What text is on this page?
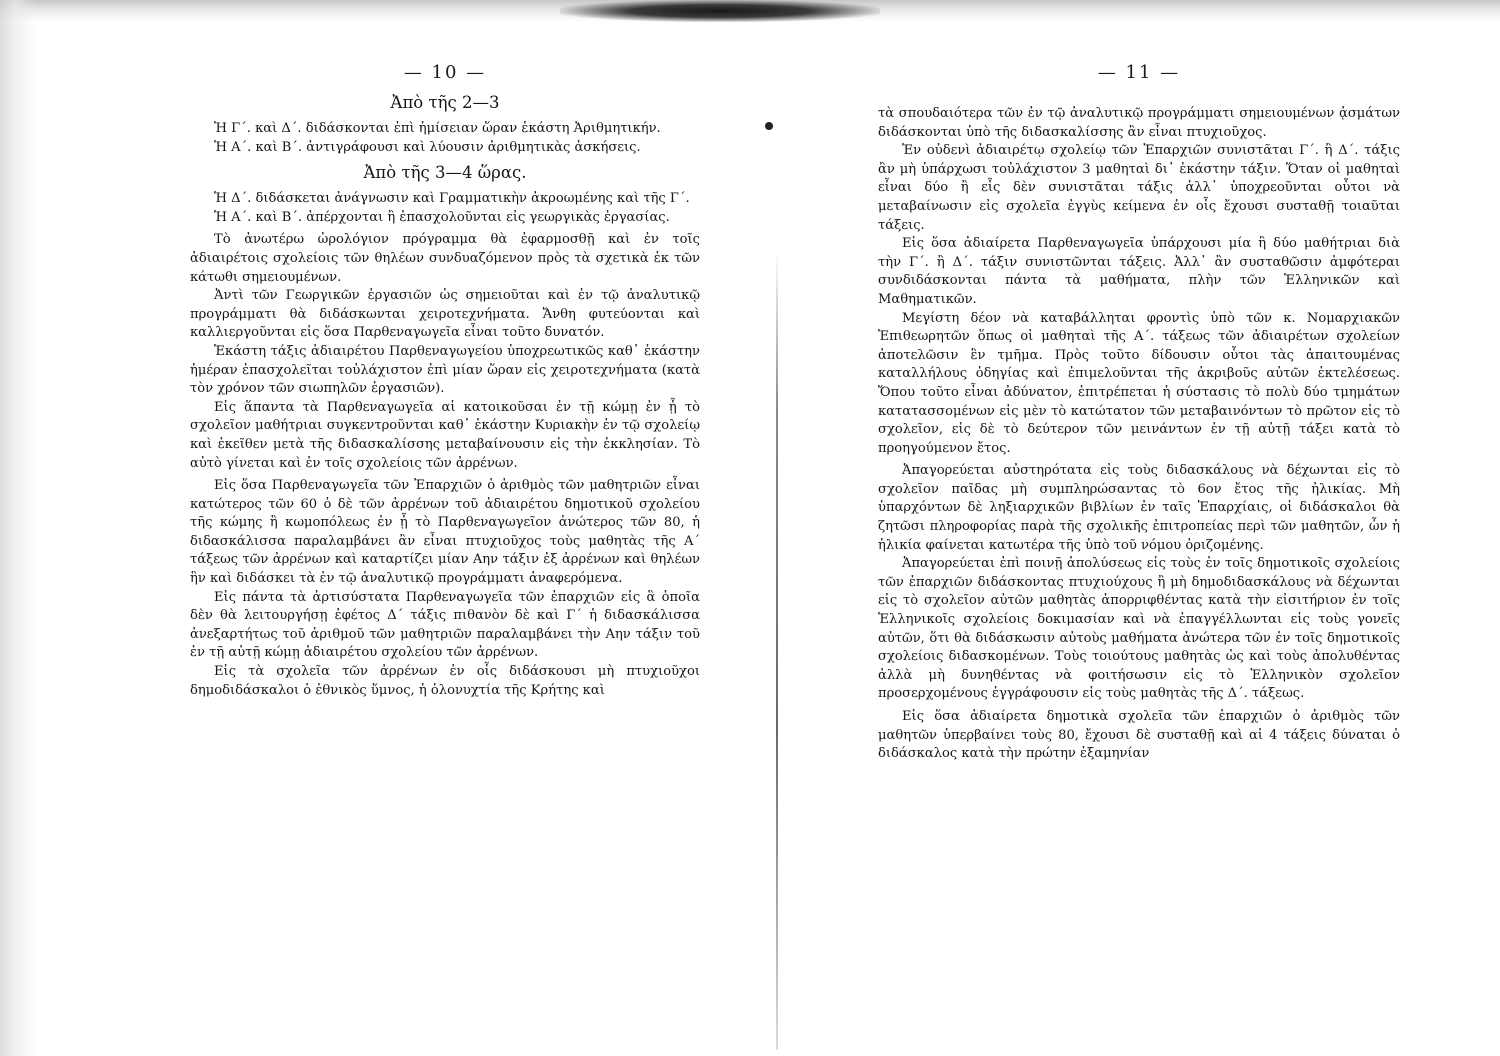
— 10 —
Ἀπὸ τῆς 2—3

Ἡ Γ΄. καὶ Δ΄. διδάσκονται ἐπὶ ἡμίσειαν ὥραν ἑκάστη Ἀριθμητικήν.

Ἡ Α΄. καὶ Β΄. ἀντιγράφουσι καὶ λύουσιν ἀριθμητικὰς ἀσκήσεις.

Ἀπὸ τῆς 3—4 ὥρας.

Ἡ Δ΄. διδάσκεται ἀνάγνωσιν καὶ Γραμματικὴν ἀκροωμένης καὶ τῆς Γ΄.

Ἡ Α΄. καὶ Β΄. ἀπέρχονται ἢ ἐπασχολοῦνται εἰς γεωργικὰς ἐργασίας.

Τὸ ἀνωτέρω ὡρολόγιον πρόγραμμα θὰ ἐφαρμοσθῇ καὶ ἐν τοῖς ἀδιαιρέτοις σχολείοις τῶν θηλέων συνδυαζόμενον πρὸς τὰ σχετικὰ ἐκ τῶν κάτωθι σημειουμένων.

Ἀντὶ τῶν Γεωργικῶν ἐργασιῶν ὡς σημειοῦται καὶ ἐν τῷ ἀναλυτικῷ προγράμματι θὰ διδάσκωνται χειροτεχνήματα. Ἄνθη φυτεύονται καὶ καλλιεργοῦνται εἰς ὅσα Παρθεναγωγεῖα εἶναι τοῦτο δυνατόν.

Ἑκάστη τάξις ἀδιαιρέτου Παρθεναγωγείου ὑποχρεωτικῶς καθ᾽ ἑκάστην ἡμέραν ἐπασχολεῖται τοὐλάχιστον ἐπὶ μίαν ὥραν εἰς χειροτεχνήματα (κατὰ τὸν χρόνον τῶν σιωπηλῶν ἐργασιῶν).

Εἰς ἅπαντα τὰ Παρθεναγωγεῖα αἱ κατοικοῦσαι ἐν τῇ κώμῃ ἐν ᾗ τὸ σχολεῖον μαθήτριαι συγκεντροῦνται καθ᾽ ἑκάστην Κυριακὴν ἐν τῷ σχολείῳ καὶ ἐκεῖθεν μετὰ τῆς διδασκαλίσσης μεταβαίνουσιν εἰς τὴν ἐκκλησίαν. Τὸ αὐτὸ γίνεται καὶ ἐν τοῖς σχολείοις τῶν ἀρρένων.

Εἰς ὅσα Παρθεναγωγεῖα τῶν Ἐπαρχιῶν ὁ ἀριθμὸς τῶν μαθητριῶν εἶναι κατώτερος τῶν 60 ὁ δὲ τῶν ἀρρένων τοῦ ἀδιαιρέτου δημοτικοῦ σχολείου τῆς κώμης ἢ κωμοπόλεως ἐν ᾗ τὸ Παρθεναγωγεῖον ἀνώτερος τῶν 80, ἡ διδασκάλισσα παραλαμβάνει ἂν εἶναι πτυχιοῦχος τοὺς μαθητὰς τῆς Α΄ τάξεως τῶν ἀρρένων καὶ καταρτίζει μίαν Αην τάξιν ἐξ ἀρρένων καὶ θηλέων ἣν καὶ διδάσκει τὰ ἐν τῷ ἀναλυτικῷ προγράμματι ἀναφερόμενα.

Εἰς πάντα τὰ ἀρτισύστατα Παρθεναγωγεῖα τῶν ἐπαρχιῶν εἰς ἃ ὁποῖα δὲν θὰ λειτουργήσῃ ἐφέτος Δ΄ τάξις πιθανὸν δὲ καὶ Γ΄ ἡ διδασκάλισσα ἀνεξαρτήτως τοῦ ἀριθμοῦ τῶν μαθητριῶν παραλαμβάνει τὴν Αην τάξιν τοῦ ἐν τῇ αὐτῇ κώμῃ ἀδιαιρέτου σχολείου τῶν ἀρρένων.

Εἰς τὰ σχολεῖα τῶν ἀρρένων ἐν οἷς διδάσκουσι μὴ πτυχιοῦχοι δημοδιδάσκαλοι ὁ ἐθνικὸς ὕμνος, ἡ ὁλονυχτία τῆς Κρήτης καὶ

— 11 —

τὰ σπουδαιότερα τῶν ἐν τῷ ἀναλυτικῷ προγράμματι σημειουμένων ᾀσμάτων διδάσκονται ὑπὸ τῆς διδασκαλίσσης ἂν εἶναι πτυχιοῦχος.

Ἐν οὐδενὶ ἀδιαιρέτῳ σχολείῳ τῶν Ἐπαρχιῶν συνιστᾶται Γ΄. ἢ Δ΄. τάξις ἂν μὴ ὑπάρχωσι τοὐλάχιστον 3 μαθηταὶ δι᾽ ἑκάστην τάξιν. Ὅταν οἱ μαθηταὶ εἶναι δύο ἢ εἷς δὲν συνιστᾶται τάξις ἀλλ᾽ ὑποχρεοῦνται οὗτοι νὰ μεταβαίνωσιν εἰς σχολεῖα ἐγγὺς κείμενα ἐν οἷς ἔχουσι συσταθῇ τοιαῦται τάξεις.

Εἰς ὅσα ἀδιαίρετα Παρθεναγωγεῖα ὑπάρχουσι μία ἢ δύο μαθήτριαι διὰ τὴν Γ΄. ἢ Δ΄. τάξιν συνιστῶνται τάξεις. Ἀλλ᾽ ἂν συσταθῶσιν ἀμφότεραι συνδιδάσκονται πάντα τὰ μαθήματα, πλὴν τῶν Ἑλληνικῶν καὶ Μαθηματικῶν.

Μεγίστη δέον νὰ καταβάλληται φροντὶς ὑπὸ τῶν κ. Νομαρχιακῶν Ἐπιθεωρητῶν ὅπως οἱ μαθηταὶ τῆς Α΄. τάξεως τῶν ἀδιαιρέτων σχολείων ἀποτελῶσιν ἓν τμῆμα. Πρὸς τοῦτο δίδουσιν οὗτοι τὰς ἀπαιτουμένας καταλλήλους ὁδηγίας καὶ ἐπιμελοῦνται τῆς ἀκριβοῦς αὐτῶν ἐκτελέσεως. Ὅπου τοῦτο εἶναι ἀδύνατον, ἐπιτρέπεται ἡ σύστασις τὸ πολὺ δύο τμημάτων κατατασσομένων εἰς μὲν τὸ κατώτατον τῶν μεταβαινόντων τὸ πρῶτον εἰς τὸ σχολεῖον, εἰς δὲ τὸ δεύτερον τῶν μεινάντων ἐν τῇ αὐτῇ τάξει κατὰ τὸ προηγούμενον ἔτος.

Ἀπαγορεύεται αὐστηρότατα εἰς τοὺς διδασκάλους νὰ δέχωνται εἰς τὸ σχολεῖον παῖδας μὴ συμπληρώσαντας τὸ 6ον ἔτος τῆς ἡλικίας. Μὴ ὑπαρχόντων δὲ ληξιαρχικῶν βιβλίων ἐν ταῖς Ἐπαρχίαις, οἱ διδάσκαλοι θὰ ζητῶσι πληροφορίας παρὰ τῆς σχολικῆς ἐπιτροπείας περὶ τῶν μαθητῶν, ὧν ἡ ἡλικία φαίνεται κατωτέρα τῆς ὑπὸ τοῦ νόμου ὁριζομένης.

Ἀπαγορεύεται ἐπὶ ποινῇ ἀπολύσεως εἰς τοὺς ἐν τοῖς δημοτικοῖς σχολείοις τῶν ἐπαρχιῶν διδάσκοντας πτυχιούχους ἢ μὴ δημοδιδασκάλους νὰ δέχωνται εἰς τὸ σχολεῖον αὐτῶν μαθητὰς ἀπορριφθέντας κατὰ τὴν εἰσιτήριον ἐν τοῖς Ἑλληνικοῖς σχολείοις δοκιμασίαν καὶ νὰ ἐπαγγέλλωνται εἰς τοὺς γονεῖς αὐτῶν, ὅτι θὰ διδάσκωσιν αὐτοὺς μαθήματα ἀνώτερα τῶν ἐν τοῖς δημοτικοῖς σχολείοις διδασκομένων. Τοὺς τοιούτους μαθητὰς ὡς καὶ τοὺς ἀπολυθέντας ἀλλὰ μὴ δυνηθέντας νὰ φοιτήσωσιν εἰς τὸ Ἑλληνικὸν σχολεῖον προσερχομένους ἐγγράφουσιν εἰς τοὺς μαθητὰς τῆς Δ΄. τάξεως.

Εἰς ὅσα ἀδιαίρετα δημοτικὰ σχολεῖα τῶν ἐπαρχιῶν ὁ ἀριθμὸς τῶν μαθητῶν ὑπερβαίνει τοὺς 80, ἔχουσι δὲ συσταθῇ καὶ αἱ 4 τάξεις δύναται ὁ διδάσκαλος κατὰ τὴν πρώτην ἑξαμηνίαν
